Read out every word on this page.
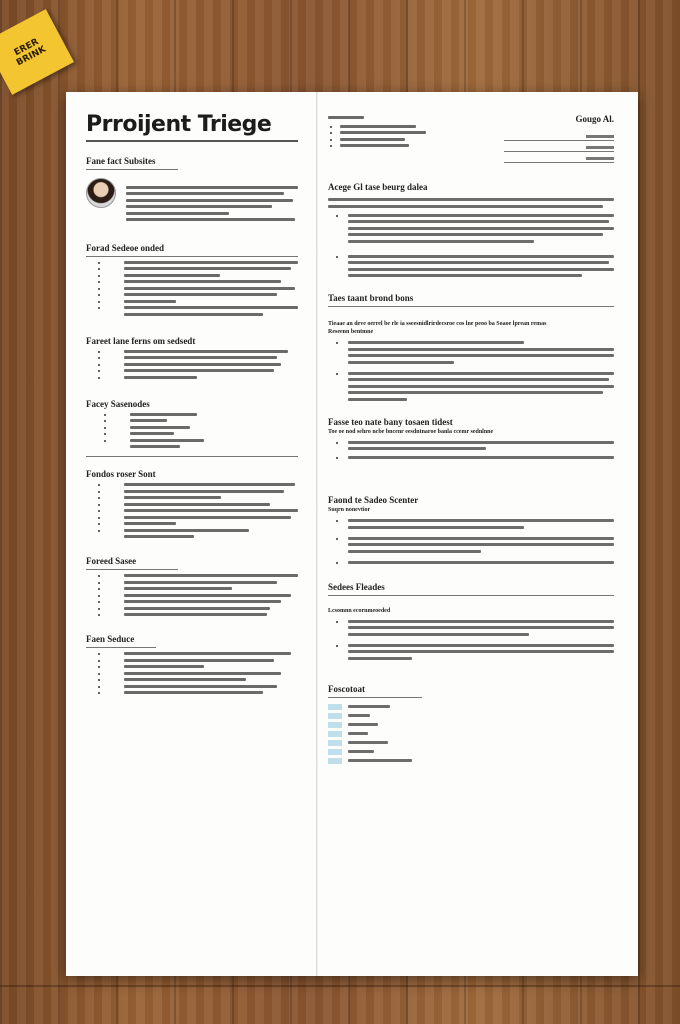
ERER
BRINK
Prroijent Triege
Fane fact Subsites
Forad Sedeoe onded
Fareet lane ferns om sedsedt
Facey Sasenodes
Fondos roser Sont
Foreed Sasee
Faen Seduce
Gougo Al.
Acege Gl tase beurg dalea
Taes taant brond bons
Tieaae an deve oerrel be rle ia sseesnidlrirdecsroe cos lne peoo ba Soaoe lprean remas
Reseenn bentmne
Fasse teo nate bany tosaen tidest
Toe oe nod sehro ncbe bncenr eesdntnaroe banla ccemr sednlnne
Faond te Sadeo Scenter
Suqrn nonevtior
Sedees Fleades
Lcsomnn ecornmeoeded
Foscotoat
